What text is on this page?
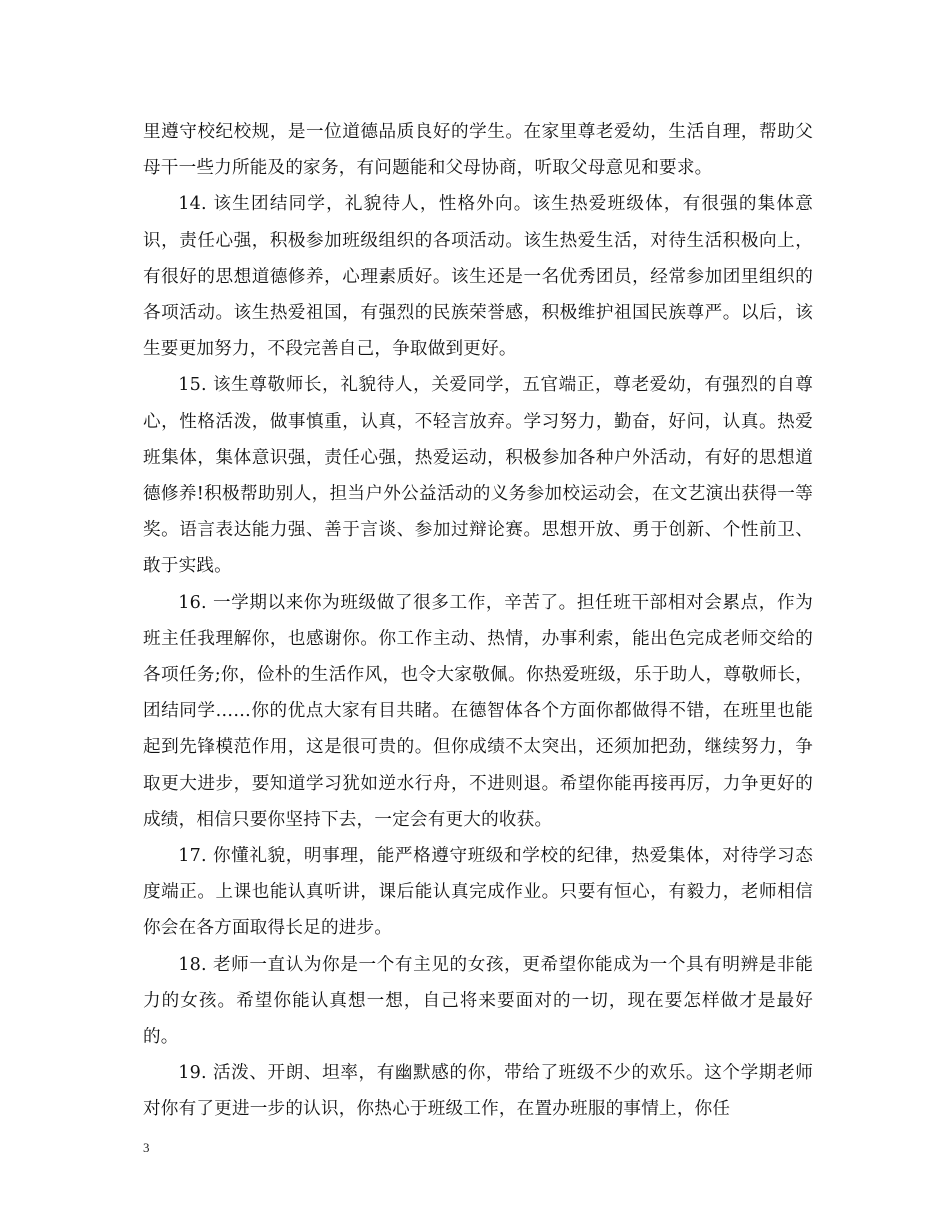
里遵守校纪校规，是一位道德品质良好的学生。在家里尊老爱幼，生活自理，帮助父母干一些力所能及的家务，有问题能和父母协商，听取父母意见和要求。

14. 该生团结同学，礼貌待人，性格外向。该生热爱班级体，有很强的集体意识，责任心强，积极参加班级组织的各项活动。该生热爱生活，对待生活积极向上，有很好的思想道德修养，心理素质好。该生还是一名优秀团员，经常参加团里组织的各项活动。该生热爱祖国，有强烈的民族荣誉感，积极维护祖国民族尊严。以后，该生要更加努力，不段完善自己，争取做到更好。

15. 该生尊敬师长，礼貌待人，关爱同学，五官端正，尊老爱幼，有强烈的自尊心，性格活泼，做事慎重，认真，不轻言放弃。学习努力，勤奋，好问，认真。热爱班集体，集体意识强，责任心强，热爱运动，积极参加各种户外活动，有好的思想道德修养!积极帮助别人，担当户外公益活动的义务参加校运动会，在文艺演出获得一等奖。语言表达能力强、善于言谈、参加过辩论赛。思想开放、勇于创新、个性前卫、敢于实践。

16. 一学期以来你为班级做了很多工作，辛苦了。担任班干部相对会累点，作为班主任我理解你，也感谢你。你工作主动、热情，办事利索，能出色完成老师交给的各项任务;你，俭朴的生活作风，也令大家敬佩。你热爱班级，乐于助人，尊敬师长，团结同学……你的优点大家有目共睹。在德智体各个方面你都做得不错，在班里也能起到先锋模范作用，这是很可贵的。但你成绩不太突出，还须加把劲，继续努力，争取更大进步，要知道学习犹如逆水行舟，不进则退。希望你能再接再厉，力争更好的成绩，相信只要你坚持下去，一定会有更大的收获。

17. 你懂礼貌，明事理，能严格遵守班级和学校的纪律，热爱集体，对待学习态度端正。上课也能认真听讲，课后能认真完成作业。只要有恒心，有毅力，老师相信你会在各方面取得长足的进步。

18. 老师一直认为你是一个有主见的女孩，更希望你能成为一个具有明辨是非能力的女孩。希望你能认真想一想，自己将来要面对的一切，现在要怎样做才是最好的。

19. 活泼、开朗、坦率，有幽默感的你，带给了班级不少的欢乐。这个学期老师对你有了更进一步的认识，你热心于班级工作，在置办班服的事情上，你任

3
